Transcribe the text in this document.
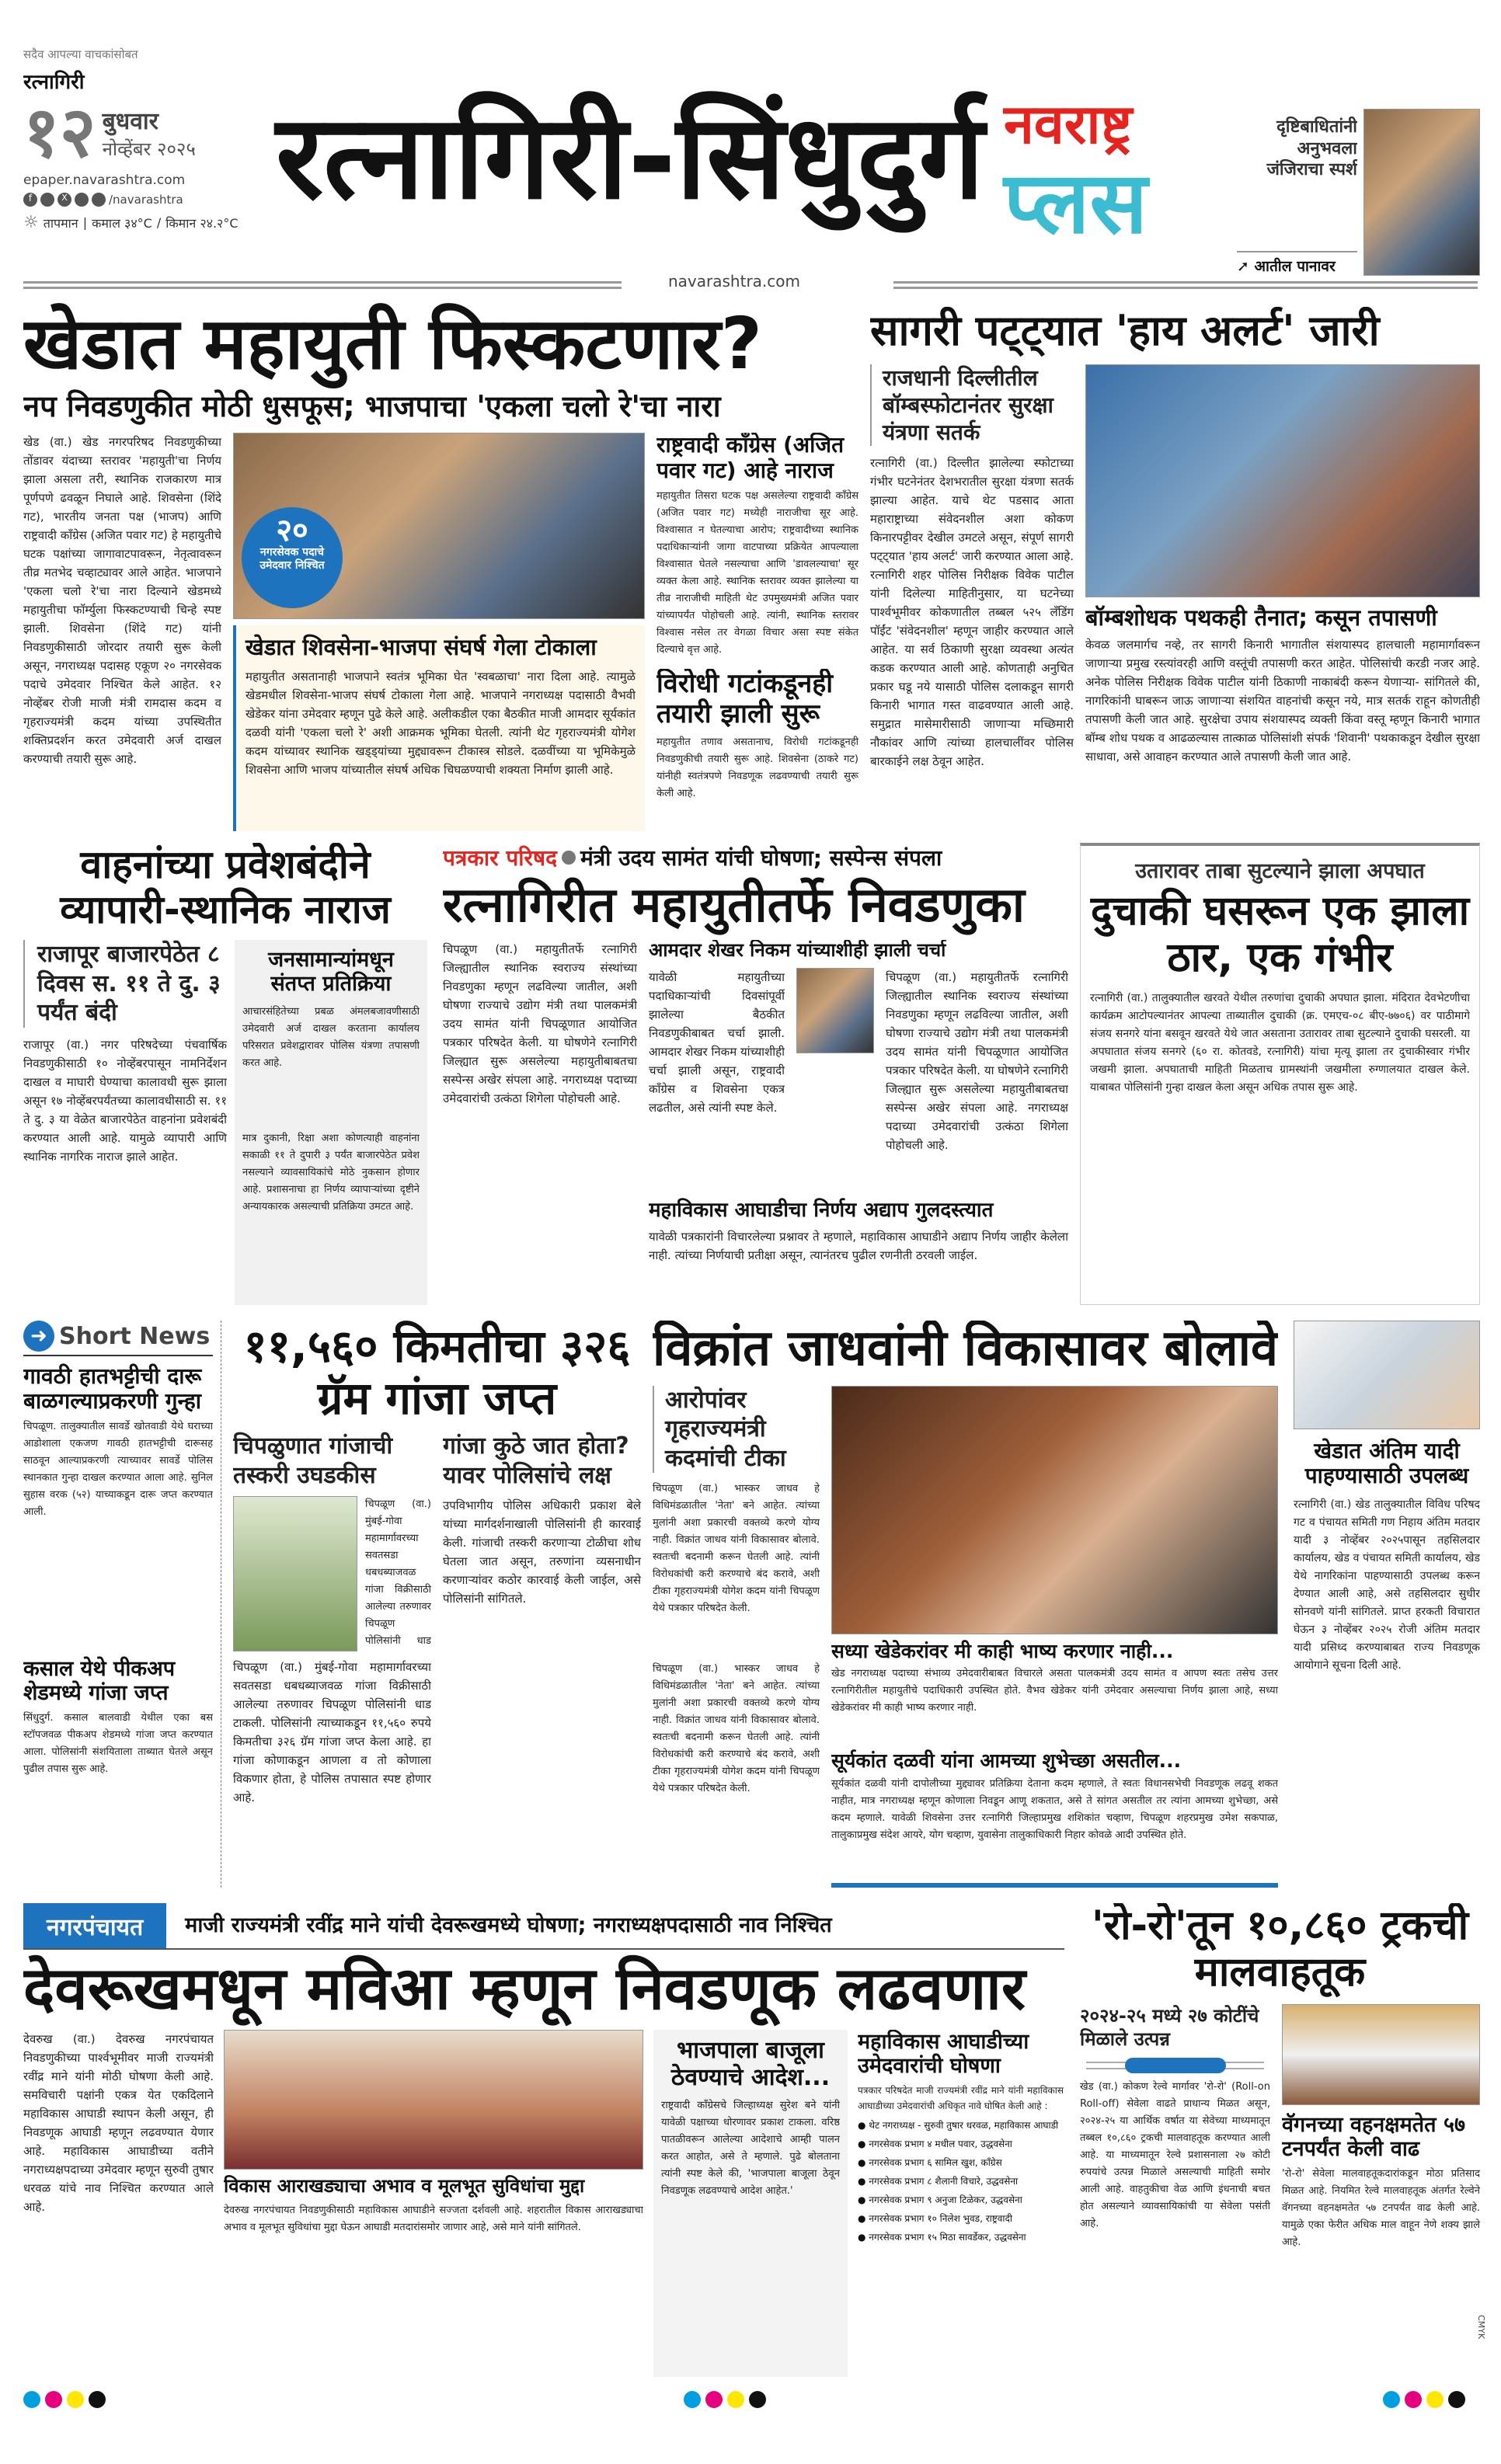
सदैव आपल्या वाचकांसोबत
रत्नागिरी
१२ बुधवार
नोव्हेंबर २०२५
epaper.navarashtra.com
f	X	/navarashtra
☼ तापमान | कमाल ३४°C / किमान २४.२°C रत्नागिरी-सिंधुदुर्ग नवराष्ट्र
प्लस
दृष्टिबाधितांनी अनुभवला जंजिराचा स्पर्श
➚ आतील पानावर
navarashtra.com
खेडात महायुती फिस्कटणार?
नप निवडणुकीत मोठी धुसफूस; भाजपाचा 'एकला चलो रे'चा नारा
खेड (वा.) खेड नगरपरिषद निवडणुकीच्या तोंडावर यंदाच्या स्तरावर 'महायुती'चा निर्णय झाला असला तरी, स्थानिक राजकारण मात्र पूर्णपणे ढवळून निघाले आहे. शिवसेना (शिंदे गट), भारतीय जनता पक्ष (भाजप) आणि राष्ट्रवादी काँग्रेस (अजित पवार गट) हे महायुतीचे घटक पक्षांच्या जागावाटपावरून, नेतृत्वावरून तीव्र मतभेद चव्हाट्यावर आले आहेत. भाजपाने 'एकला चलो रे'चा नारा दिल्याने खेडमध्ये महायुतीचा फॉर्म्युला फिस्कटण्याची चिन्हे स्पष्ट झाली. शिवसेना (शिंदे गट) यांनी निवडणुकीसाठी जोरदार तयारी सुरू केली असून, नगराध्यक्ष पदासह एकूण २० नगरसेवक पदाचे उमेदवार निश्चित केले आहेत. १२ नोव्हेंबर रोजी माजी मंत्री रामदास कदम व गृहराज्यमंत्री कदम यांच्या उपस्थितीत शक्तिप्रदर्शन करत उमेदवारी अर्ज दाखल करण्याची तयारी सुरू आहे.
२०
नगरसेवक पदाचे उमेदवार निश्चित
खेडात शिवसेना-भाजपा संघर्ष गेला टोकाला
महायुतीत असतानाही भाजपाने स्वतंत्र भूमिका घेत 'स्वबळाचा' नारा दिला आहे. त्यामुळे खेडमधील शिवसेना-भाजप संघर्ष टोकाला गेला आहे. भाजपाने नगराध्यक्ष पदासाठी वैभवी खेडेकर यांना उमेदवार म्हणून पुढे केले आहे. अलीकडील एका बैठकीत माजी आमदार सूर्यकांत दळवी यांनी 'एकला चलो रे' अशी आक्रमक भूमिका घेतली. त्यांनी थेट गृहराज्यमंत्री योगेश कदम यांच्यावर स्थानिक खड्ड्यांच्या मुद्द्यावरून टीकास्त्र सोडले. दळवींच्या या भूमिकेमुळे शिवसेना आणि भाजप यांच्यातील संघर्ष अधिक चिघळण्याची शक्यता निर्माण झाली आहे.
राष्ट्रवादी काँग्रेस (अजित पवार गट) आहे नाराज
महायुतीत तिसरा घटक पक्ष असलेल्या राष्ट्रवादी काँग्रेस (अजित पवार गट) मध्येही नाराजीचा सूर आहे. विश्वासात न घेतल्याचा आरोप; राष्ट्रवादीच्या स्थानिक पदाधिकाऱ्यांनी जागा वाटपाच्या प्रक्रियेत आपल्याला विश्वासात घेतले नसल्याचा आणि 'डावलल्याचा' सूर व्यक्त केला आहे. स्थानिक स्तरावर व्यक्त झालेल्या या तीव्र नाराजीची माहिती थेट उपमुख्यमंत्री अजित पवार यांच्यापर्यंत पोहोचली आहे. त्यांनी, स्थानिक स्तरावर विश्वास नसेल तर वेगळा विचार असा स्पष्ट संकेत दिल्याचे वृत्त आहे.
विरोधी गटांकडूनही तयारी झाली सुरू
महायुतीत तणाव असतानाच, विरोधी गटांकडूनही निवडणुकीची तयारी सुरू आहे. शिवसेना (ठाकरे गट) यांनीही स्वतंत्रपणे निवडणूक लढवण्याची तयारी सुरू केली आहे.
सागरी पट्ट्यात 'हाय अलर्ट' जारी
राजधानी दिल्लीतील बॉम्बस्फोटानंतर सुरक्षा यंत्रणा सतर्क
रत्नागिरी (वा.) दिल्लीत झालेल्या स्फोटाच्या गंभीर घटनेनंतर देशभरातील सुरक्षा यंत्रणा सतर्क झाल्या आहेत. याचे थेट पडसाद आता महाराष्ट्राच्या संवेदनशील अशा कोकण किनारपट्टीवर देखील उमटले असून, संपूर्ण सागरी पट्ट्यात 'हाय अलर्ट' जारी करण्यात आला आहे. रत्नागिरी शहर पोलिस निरीक्षक विवेक पाटील यांनी दिलेल्या माहितीनुसार, या घटनेच्या पार्श्वभूमीवर कोकणातील तब्बल ५२५ लँडिंग पॉईंट 'संवेदनशील' म्हणून जाहीर करण्यात आले आहेत. या सर्व ठिकाणी सुरक्षा व्यवस्था अत्यंत कडक करण्यात आली आहे. कोणताही अनुचित प्रकार घडू नये यासाठी पोलिस दलाकडून सागरी किनारी भागात गस्त वाढवण्यात आली आहे. समुद्रात मासेमारीसाठी जाणाऱ्या मच्छिमारी नौकांवर आणि त्यांच्या हालचालींवर पोलिस बारकाईने लक्ष ठेवून आहेत.
बॉम्बशोधक पथकही तैनात; कसून तपासणी
केवळ जलमार्गच नव्हे, तर सागरी किनारी भागातील संशयास्पद हालचाली महामार्गावरून जाणाऱ्या प्रमुख रस्त्यांवरही आणि वस्तूंची तपासणी करत आहेत. पोलिसांची करडी नजर आहे. अनेक पोलिस निरीक्षक विवेक पाटील यांनी ठिकाणी नाकाबंदी करून येणाऱ्या- सांगितले की, नागरिकांनी घाबरून जाऊ जाणाऱ्या संशयित वाहनांची कसून नये, मात्र सतर्क राहून कोणतीही तपासणी केली जात आहे. सुरक्षेचा उपाय संशयास्पद व्यक्ती किंवा वस्तू म्हणून किनारी भागात बॉम्ब शोध पथक व आढळल्यास तात्काळ पोलिसांशी संपर्क 'शिवानी' पथकाकडून देखील सुरक्षा साधावा, असे आवाहन करण्यात आले तपासणी केली जात आहे.
वाहनांच्या प्रवेशबंदीने व्यापारी-स्थानिक नाराज
राजापूर बाजारपेठेत ८ दिवस स. ११ ते दु. ३ पर्यंत बंदी
राजापूर (वा.) नगर परिषदेच्या पंचवार्षिक निवडणुकीसाठी १० नोव्हेंबरपासून नामनिर्देशन दाखल व माघारी घेण्याचा कालावधी सुरू झाला असून १७ नोव्हेंबरपर्यंतच्या कालावधीसाठी स. ११ ते दु. ३ या वेळेत बाजारपेठेत वाहनांना प्रवेशबंदी करण्यात आली आहे. यामुळे व्यापारी आणि स्थानिक नागरिक नाराज झाले आहेत.
जनसामान्यांमधून संतप्त प्रतिक्रिया
आचारसंहितेच्या प्रबळ अंमलबजावणीसाठी उमेदवारी अर्ज दाखल करताना कार्यालय परिसरात प्रवेशद्वारावर पोलिस यंत्रणा तपासणी करत आहे.
मात्र दुकानी, रिक्षा अशा कोणत्याही वाहनांना सकाळी ११ ते दुपारी ३ पर्यंत बाजारपेठेत प्रवेश नसल्याने व्यावसायिकांचे मोठे नुकसान होणार आहे. प्रशासनाचा हा निर्णय व्यापाऱ्यांच्या दृष्टीने अन्यायकारक असल्याची प्रतिक्रिया उमटत आहे.
पत्रकार परिषद मंत्री उदय सामंत यांची घोषणा; सस्पेन्स संपला
रत्नागिरीत महायुतीतर्फे निवडणुका
चिपळूण (वा.) महायुतीतर्फे रत्नागिरी जिल्ह्यातील स्थानिक स्वराज्य संस्थांच्या निवडणुका म्हणून लढविल्या जातील, अशी घोषणा राज्याचे उद्योग मंत्री तथा पालकमंत्री उदय सामंत यांनी चिपळूणात आयोजित पत्रकार परिषदेत केली. या घोषणेने रत्नागिरी जिल्ह्यात सुरू असलेल्या महायुतीबाबतचा सस्पेन्स अखेर संपला आहे. नगराध्यक्ष पदाच्या उमेदवारांची उत्कंठा शिगेला पोहोचली आहे.
आमदार शेखर निकम यांच्याशीही झाली चर्चा
यावेळी महायुतीच्या पदाधिकाऱ्यांची दिवसांपूर्वी झालेल्या बैठकीत निवडणुकीबाबत चर्चा झाली. आमदार शेखर निकम यांच्याशीही चर्चा झाली असून, राष्ट्रवादी काँग्रेस व शिवसेना एकत्र लढतील, असे त्यांनी स्पष्ट केले.
चिपळूण (वा.) महायुतीतर्फे रत्नागिरी जिल्ह्यातील स्थानिक स्वराज्य संस्थांच्या निवडणुका म्हणून लढविल्या जातील, अशी घोषणा राज्याचे उद्योग मंत्री तथा पालकमंत्री उदय सामंत यांनी चिपळूणात आयोजित पत्रकार परिषदेत केली. या घोषणेने रत्नागिरी जिल्ह्यात सुरू असलेल्या महायुतीबाबतचा सस्पेन्स अखेर संपला आहे. नगराध्यक्ष पदाच्या उमेदवारांची उत्कंठा शिगेला पोहोचली आहे.
महाविकास आघाडीचा निर्णय अद्याप गुलदस्त्यात
यावेळी पत्रकारांनी विचारलेल्या प्रश्नावर ते म्हणाले, महाविकास आघाडीने अद्याप निर्णय जाहीर केलेला नाही. त्यांच्या निर्णयाची प्रतीक्षा असून, त्यानंतरच पुढील रणनीती ठरवली जाईल.
उतारावर ताबा सुटल्याने झाला अपघात
दुचाकी घसरून एक झाला ठार, एक गंभीर
रत्नागिरी (वा.) तालुक्यातील खरवते येथील तरुणांचा दुचाकी अपघात झाला. मंदिरात देवभेटणीचा कार्यक्रम आटोपल्यानंतर आपल्या ताब्यातील दुचाकी (क्र. एमएच-०८ बीए-७७०६) वर पाठीमागे संजय सनगरे यांना बसवून खरवते येथे जात असताना उतारावर ताबा सुटल्याने दुचाकी घसरली. या अपघातात संजय सनगरे (६० रा. कोतवडे, रत्नागिरी) यांचा मृत्यू झाला तर दुचाकीस्वार गंभीर जखमी झाला. अपघाताची माहिती मिळताच ग्रामस्थांनी जखमीला रुग्णालयात दाखल केले. याबाबत पोलिसांनी गुन्हा दाखल केला असून अधिक तपास सुरू आहे.
➜ Short News
गावठी हातभट्टीची दारू बाळगल्याप्रकरणी गुन्हा
चिपळूण. तालुक्यातील सावर्डे खोतवाडी येथे घराच्या आडोशाला एकजण गावठी हातभट्टीची दारूसह साठवून आल्याप्रकरणी त्याच्यावर सावर्डे पोलिस स्थानकात गुन्हा दाखल करण्यात आला आहे. सुनिल सुहास वरक (५२) याच्याकडून दारू जप्त करण्यात आली.
कसाल येथे पीकअप शेडमध्ये गांजा जप्त
सिंधुदुर्ग. कसाल बालवाडी येथील एका बस स्टॉपजवळ पीकअप शेडमध्ये गांजा जप्त करण्यात आला. पोलिसांनी संशयिताला ताब्यात घेतले असून पुढील तपास सुरू आहे.
११,५६० किमतीचा ३२६ ग्रॅम गांजा जप्त
चिपळुणात गांजाची तस्करी उघडकीस
चिपळूण (वा.) मुंबई-गोवा महामार्गावरच्या सवतसडा धबधब्याजवळ गांजा विक्रीसाठी आलेल्या तरुणावर चिपळूण पोलिसांनी धाड
चिपळूण (वा.) मुंबई-गोवा महामार्गावरच्या सवतसडा धबधब्याजवळ गांजा विक्रीसाठी आलेल्या तरुणावर चिपळूण पोलिसांनी धाड टाकली. पोलिसांनी त्याच्याकडून ११,५६० रुपये किमतीचा ३२६ ग्रॅम गांजा जप्त केला आहे. हा गांजा कोणाकडून आणला व तो कोणाला विकणार होता, हे पोलिस तपासात स्पष्ट होणार आहे.
गांजा कुठे जात होता? यावर पोलिसांचे लक्ष
उपविभागीय पोलिस अधिकारी प्रकाश बेले यांच्या मार्गदर्शनाखाली पोलिसांनी ही कारवाई केली. गांजाची तस्करी करणाऱ्या टोळीचा शोध घेतला जात असून, तरुणांना व्यसनाधीन करणाऱ्यांवर कठोर कारवाई केली जाईल, असे पोलिसांनी सांगितले.
विक्रांत जाधवांनी विकासावर बोलावे
आरोपांवर गृहराज्यमंत्री कदमांची टीका
चिपळूण (वा.) भास्कर जाधव हे विधिमंडळातील 'नेता' बने आहेत. त्यांच्या मुलांनी अशा प्रकारची वक्तव्ये करणे योग्य नाही. विक्रांत जाधव यांनी विकासावर बोलावे. स्वतःची बदनामी करून घेतली आहे. त्यांनी विरोधकांची करी करण्याचे बंद करावे, अशी टीका गृहराज्यमंत्री योगेश कदम यांनी चिपळूण येथे पत्रकार परिषदेत केली.
चिपळूण (वा.) भास्कर जाधव हे विधिमंडळातील 'नेता' बने आहेत. त्यांच्या मुलांनी अशा प्रकारची वक्तव्ये करणे योग्य नाही. विक्रांत जाधव यांनी विकासावर बोलावे. स्वतःची बदनामी करून घेतली आहे. त्यांनी विरोधकांची करी करण्याचे बंद करावे, अशी टीका गृहराज्यमंत्री योगेश कदम यांनी चिपळूण येथे पत्रकार परिषदेत केली.
सध्या खेडेकरांवर मी काही भाष्य करणार नाही...
खेड नगराध्यक्ष पदाच्या संभाव्य उमेदवारीबाबत विचारले असता पालकमंत्री उदय सामंत व आपण स्वतः तसेच उत्तर रत्नागिरीतील महायुतीचे पदाधिकारी उपस्थित होते. वैभव खेडेकर यांनी उमेदवार असल्याचा निर्णय झाला आहे, सध्या खेडेकरांवर मी काही भाष्य करणार नाही.
सूर्यकांत दळवी यांना आमच्या शुभेच्छा असतील...
सूर्यकांत दळवी यांनी दापोलीच्या मुद्द्यावर प्रतिक्रिया देताना कदम म्हणाले, ते स्वतः विधानसभेची निवडणूक लढवू शकत नाहीत, मात्र नगराध्यक्ष म्हणून कोणाला निवडून आणू शकतात, असे ते सांगत असतील तर त्यांना आमच्या शुभेच्छा, असे कदम म्हणाले. यावेळी शिवसेना उत्तर रत्नागिरी जिल्हाप्रमुख शशिकांत चव्हाण, चिपळूण शहरप्रमुख उमेश सकपाळ, तालुकाप्रमुख संदेश आयरे, योग चव्हाण, युवासेना तालुकाधिकारी निहार कोवळे आदी उपस्थित होते.
खेडात अंतिम यादी पाहण्यासाठी उपलब्ध
रत्नागिरी (वा.) खेड तालुक्यातील विविध परिषद गट व पंचायत समिती गण निहाय अंतिम मतदार यादी ३ नोव्हेंबर २०२५पासून तहसिलदार कार्यालय, खेड व पंचायत समिती कार्यालय, खेड येथे नागरिकांना पाहण्यासाठी उपलब्ध करून देण्यात आली आहे, असे तहसिलदार सुधीर सोनवणे यांनी सांगितले. प्राप्त हरकती विचारात घेऊन ३ नोव्हेंबर २०२५ रोजी अंतिम मतदार यादी प्रसिध्द करण्याबाबत राज्य निवडणूक आयोगाने सूचना दिली आहे.
नगरपंचायत	माजी राज्यमंत्री रवींद्र माने यांची देवरूखमध्ये घोषणा; नगराध्यक्षपदासाठी नाव निश्चित
देवरूखमधून मविआ म्हणून निवडणूक लढवणार
देवरुख (वा.) देवरुख नगरपंचायत निवडणुकीच्या पार्श्वभूमीवर माजी राज्यमंत्री रवींद्र माने यांनी मोठी घोषणा केली आहे. समविचारी पक्षांनी एकत्र येत एकदिलाने महाविकास आघाडी स्थापन केली असून, ही निवडणूक आघाडी म्हणून लढवण्यात येणार आहे. महाविकास आघाडीच्या वतीने नगराध्यक्षपदाच्या उमेदवार म्हणून सुरुवी तुषार धरवळ यांचे नाव निश्चित करण्यात आले आहे.
विकास आराखड्याचा अभाव व मूलभूत सुविधांचा मुद्दा
देवरुख नगरपंचायत निवडणुकीसाठी महाविकास आघाडीने सज्जता दर्शवली आहे. शहरातील विकास आराखड्याचा अभाव व मूलभूत सुविधांचा मुद्दा घेऊन आघाडी मतदारांसमोर जाणार आहे, असे माने यांनी सांगितले.
भाजपाला बाजूला ठेवण्याचे आदेश...
राष्ट्रवादी काँग्रेसचे जिल्हाध्यक्ष सुरेश बने यांनी यावेळी पक्षाच्या धोरणावर प्रकाश टाकला. वरिष्ठ पातळीवरून आलेल्या आदेशाचे आम्ही पालन करत आहोत, असे ते म्हणाले. पुढे बोलताना त्यांनी स्पष्ट केले की, 'भाजपाला बाजूला ठेवून निवडणूक लढवण्याचे आदेश आहेत.'
महाविकास आघाडीच्या उमेदवारांची घोषणा
पत्रकार परिषदेत माजी राज्यमंत्री रवींद्र माने यांनी महाविकास आघाडीच्या उमेदवारांची अधिकृत नावे घोषित केली आहे :
● थेट नगराध्यक्ष - सुरुवी तुषार धरवळ, महाविकास आघाडी
● नगरसेवक प्रभाग ४ मधील पवार, उद्धवसेना
● नगरसेवक प्रभाग ६ सामिल खुश, काँग्रेस
● नगरसेवक प्रभाग ८ शैलानी विचारे, उद्धवसेना
● नगरसेवक प्रभाग ९ अनुजा टिळेकर, उद्धवसेना
● नगरसेवक प्रभाग १० निलेश भुवड, राष्ट्रवादी
● नगरसेवक प्रभाग १५ मिठा सावर्डेकर, उद्धवसेना
'रो-रो'तून १०,८६० ट्रकची मालवाहतूक
२०२४-२५ मध्ये २७ कोटींचे मिळाले उत्पन्न
खेड (वा.) कोकण रेल्वे मार्गावर 'रो-रो' (Roll-on Roll-off) सेवेला वाढते प्राधान्य मिळत असून, २०२४-२५ या आर्थिक वर्षात या सेवेच्या माध्यमातून तब्बल १०,८६० ट्रकची मालवाहतूक करण्यात आली आहे. या माध्यमातून रेल्वे प्रशासनाला २७ कोटी रुपयांचे उत्पन्न मिळाले असल्याची माहिती समोर आली आहे. वाहतुकीचा वेळ आणि इंधनाची बचत होत असल्याने व्यावसायिकांची या सेवेला पसंती आहे.
वॅगनच्या वहनक्षमतेत ५७ टनपर्यंत केली वाढ
'रो-रो' सेवेला मालवाहतूकदारांकडून मोठा प्रतिसाद मिळत आहे. नियमित रेल्वे मालवाहतूक अंतर्गत रेल्वेने वॅगनच्या वहनक्षमतेत ५७ टनपर्यंत वाढ केली आहे. यामुळे एका फेरीत अधिक माल वाहून नेणे शक्य झाले आहे.
CMYK
